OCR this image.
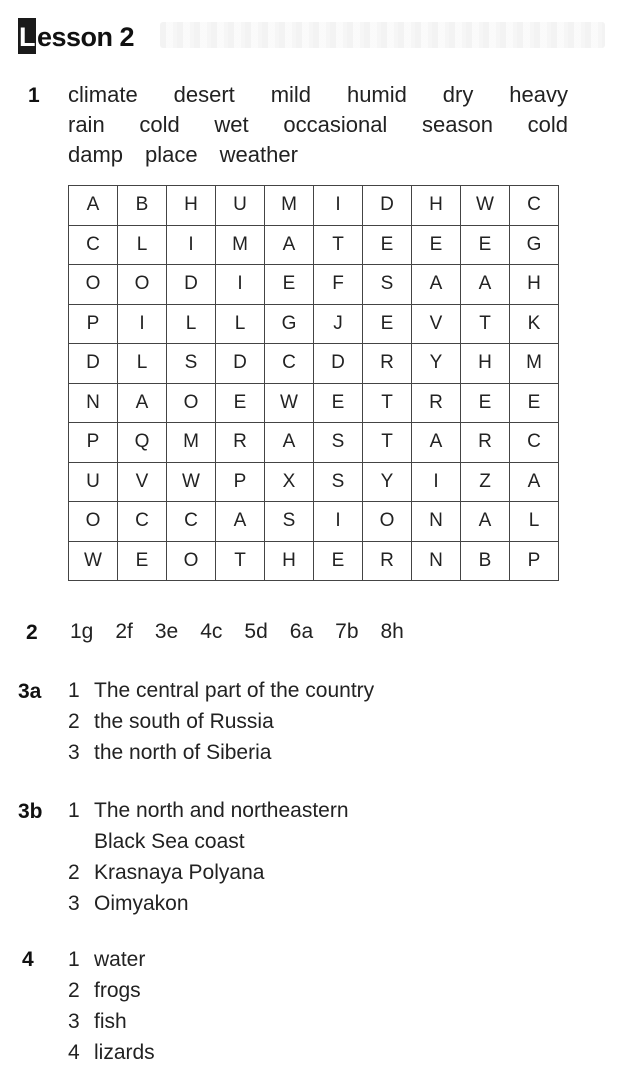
Lesson 2
1 climate desert mild humid dry heavy
rain cold wet occasional season cold
damp place weather
A	B	H	U	M	I	D	H	W	C
C	L	I	M	A	T	E	E	E	G
O	O	D	I	E	F	S	A	A	H
P	I	L	L	G	J	E	V	T	K
D	L	S	D	C	D	R	Y	H	M
N	A	O	E	W	E	T	R	E	E
P	Q	M	R	A	S	T	A	R	C
U	V	W	P	X	S	Y	I	Z	A
O	C	C	A	S	I	O	N	A	L
W	E	O	T	H	E	R	N	B	P
2 1g 2f 3e 4c 5d 6a 7b 8h
3a 1 The central part of the country
2 the south of Russia
3 the north of Siberia
3b 1 The north and northeastern
Black Sea coast
2 Krasnaya Polyana
3 Oimyakon
4 1 water
2 frogs
3 fish
4 lizards
